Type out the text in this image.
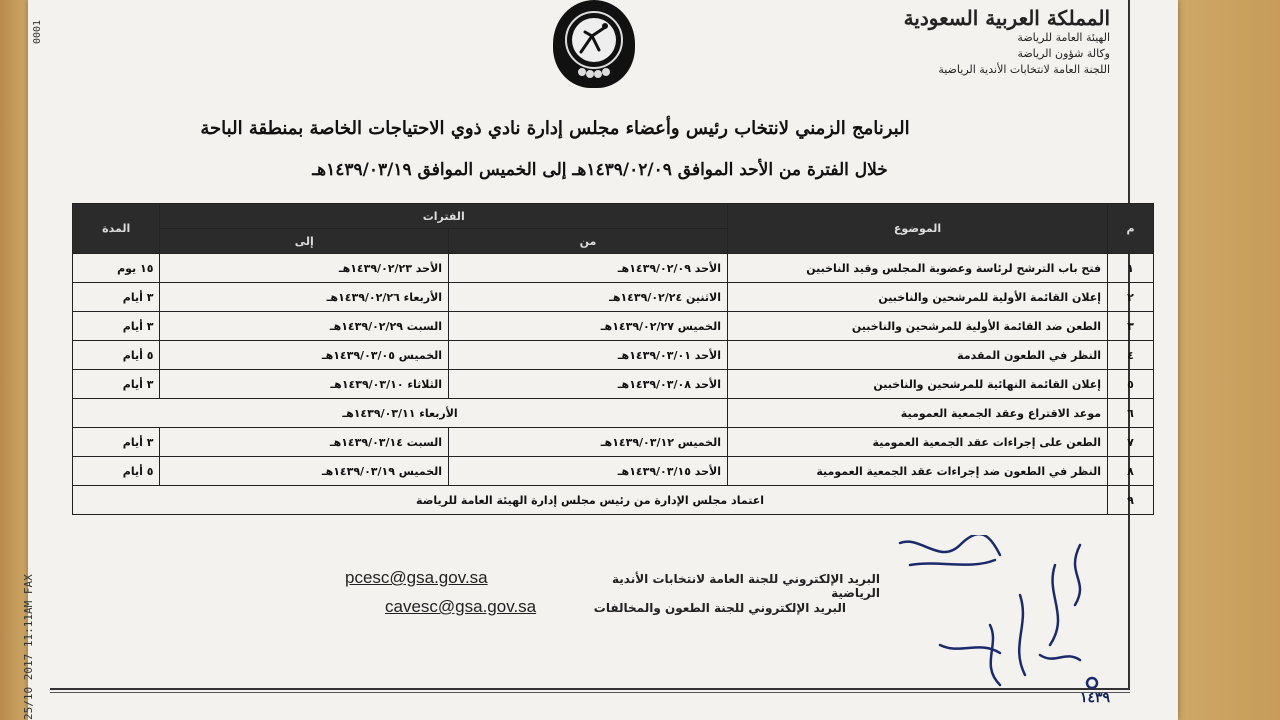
0001
25/10 2017 11:11AM FAX
المملكة العربية السعودية
الهيئة العامة للرياضة
وكالة شؤون الرياضة
اللجنة العامة لانتخابات الأندية الرياضية
البرنامج الزمني لانتخاب رئيس وأعضاء مجلس إدارة نادي ذوي الاحتياجات الخاصة بمنطقة الباحة
خلال الفترة من الأحد الموافق ١٤٣٩/٠٢/٠٩هـ إلى الخميس الموافق ١٤٣٩/٠٣/١٩هـ
م	الموضوع	الفترات		المدة
		من	إلى	
١	فتح باب الترشح لرئاسة وعضوية المجلس وقيد الناخبين	الأحد ١٤٣٩/٠٢/٠٩هـ	الأحد ١٤٣٩/٠٢/٢٣هـ	١٥ يوم
٢	إعلان القائمة الأولية للمرشحين والناخبين	الاثنين ١٤٣٩/٠٢/٢٤هـ	الأربعاء ١٤٣٩/٠٢/٢٦هـ	٣ أيام
٣	الطعن ضد القائمة الأولية للمرشحين والناخبين	الخميس ١٤٣٩/٠٢/٢٧هـ	السبت ١٤٣٩/٠٢/٢٩هـ	٣ أيام
٤	النظر في الطعون المقدمة	الأحد ١٤٣٩/٠٣/٠١هـ	الخميس ١٤٣٩/٠٣/٠٥هـ	٥ أيام
٥	إعلان القائمة النهائية للمرشحين والناخبين	الأحد ١٤٣٩/٠٣/٠٨هـ	الثلاثاء ١٤٣٩/٠٣/١٠هـ	٣ أيام
٦	موعد الاقتراع وعقد الجمعية العمومية	الأربعاء ١٤٣٩/٠٣/١١هـ		
٧	الطعن على إجراءات عقد الجمعية العمومية	الخميس ١٤٣٩/٠٣/١٢هـ	السبت ١٤٣٩/٠٣/١٤هـ	٣ أيام
٨	النظر في الطعون ضد إجراءات عقد الجمعية العمومية	الأحد ١٤٣٩/٠٣/١٥هـ	الخميس ١٤٣٩/٠٣/١٩هـ	٥ أيام
٩	اعتماد مجلس الإدارة من رئيس مجلس إدارة الهيئة العامة للرياضة			
البريد الإلكتروني للجنة العامة لانتخابات الأندية الرياضية
pcesc@gsa.gov.sa
البريد الإلكتروني للجنة الطعون والمخالفات
cavesc@gsa.gov.sa
١٤٣٩
